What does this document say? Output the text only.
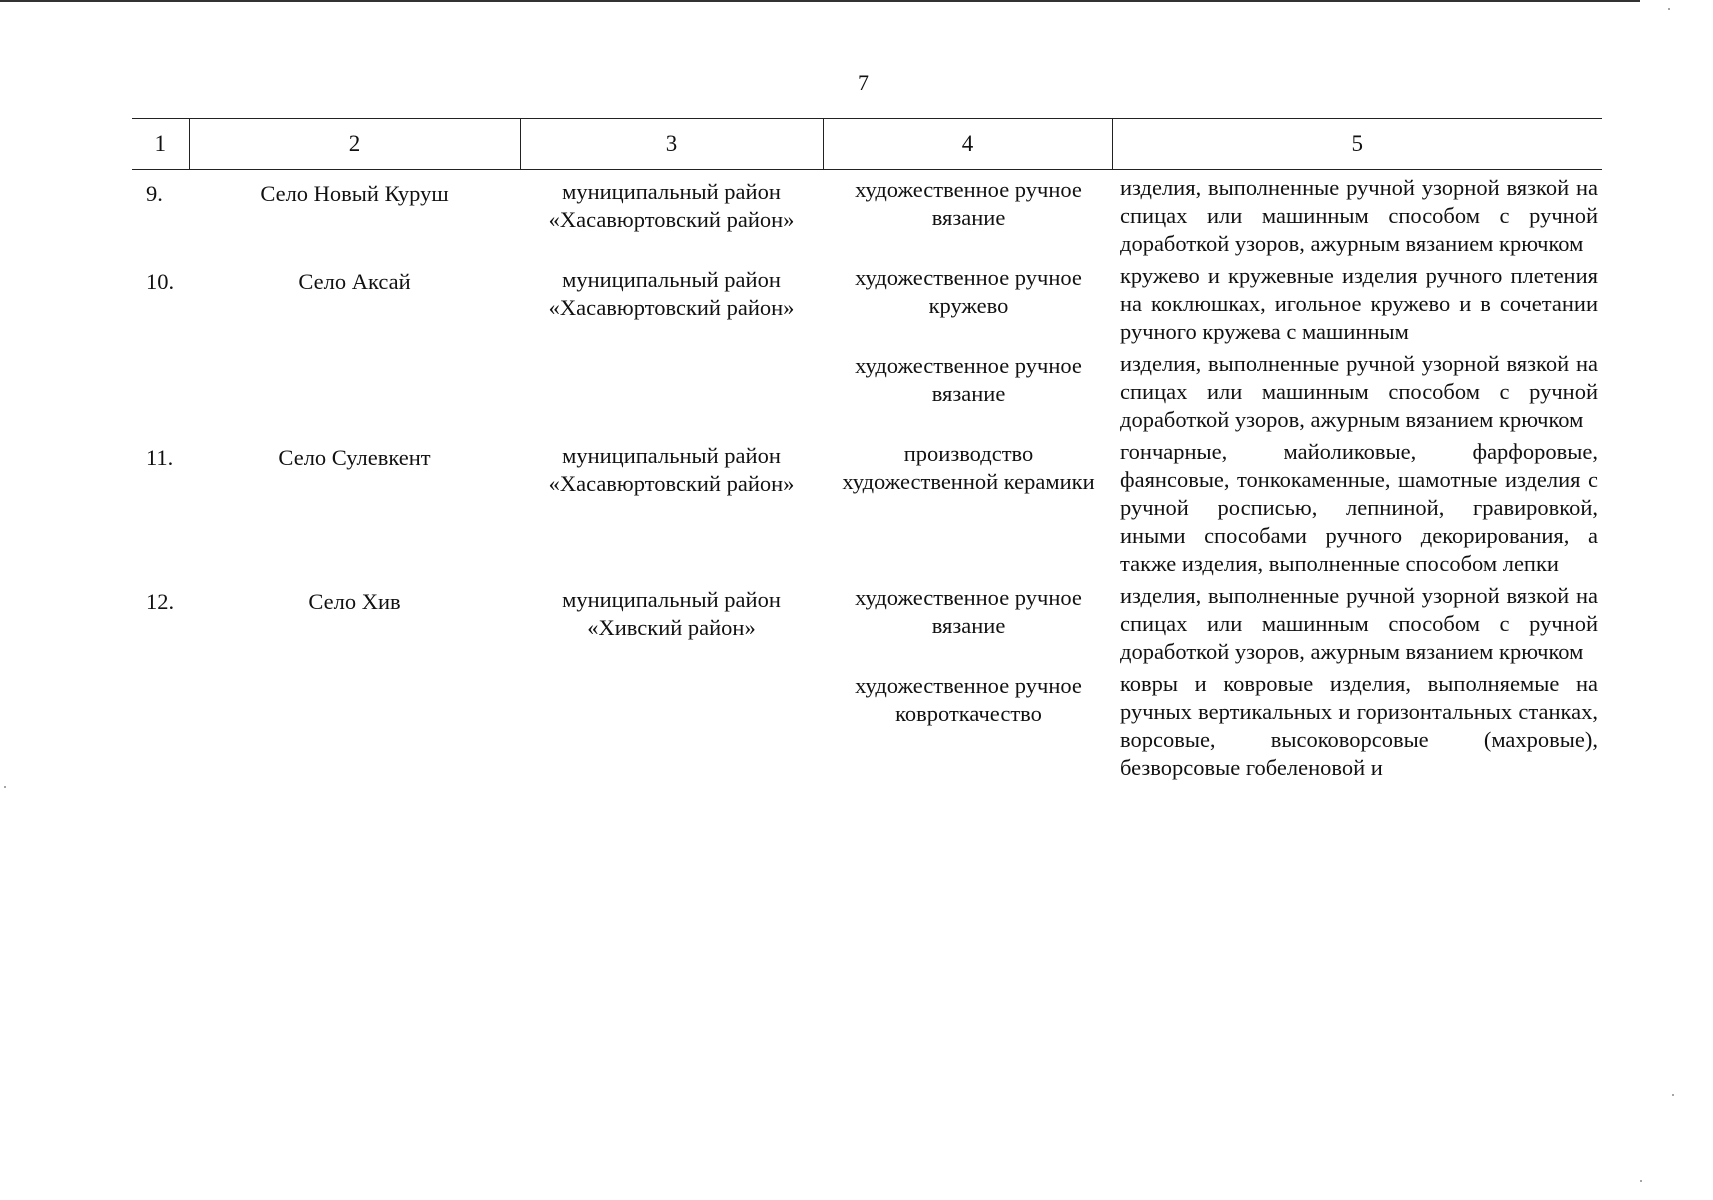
7
1	2	3	4	5
9.	Село Новый Куруш	муниципальный район «Хасавюртовский район»	художественное ручное вязание	изделия, выполненные ручной узорной вязкой на спицах или машинным способом с ручной доработкой узоров, ажурным вязанием крючком
10.	Село Аксай	муниципальный район «Хасавюртовский район»	художественное ручное кружево	кружево и кружевные изделия ручного плетения на коклюшках, игольное кружево и в сочетании ручного кружева с машинным
			художественное ручное вязание	изделия, выполненные ручной узорной вязкой на спицах или машинным способом с ручной доработкой узоров, ажурным вязанием крючком
11.	Село Сулевкент	муниципальный район «Хасавюртовский район»	производство художественной керамики	гончарные, майоликовые, фарфоровые, фаянсовые, тонкокаменные, шамотные изделия с ручной росписью, лепниной, гравировкой, иными способами ручного декорирования, а также изделия, выполненные способом лепки
12.	Село Хив	муниципальный район «Хивский район»	художественное ручное вязание	изделия, выполненные ручной узорной вязкой на спицах или машинным способом с ручной доработкой узоров, ажурным вязанием крючком
			художественное ручное ковроткачество	ковры и ковровые изделия, выполняемые на ручных вертикальных и горизонтальных станках, ворсовые, высоковорсовые (махровые), безворсовые гобеленовой и
